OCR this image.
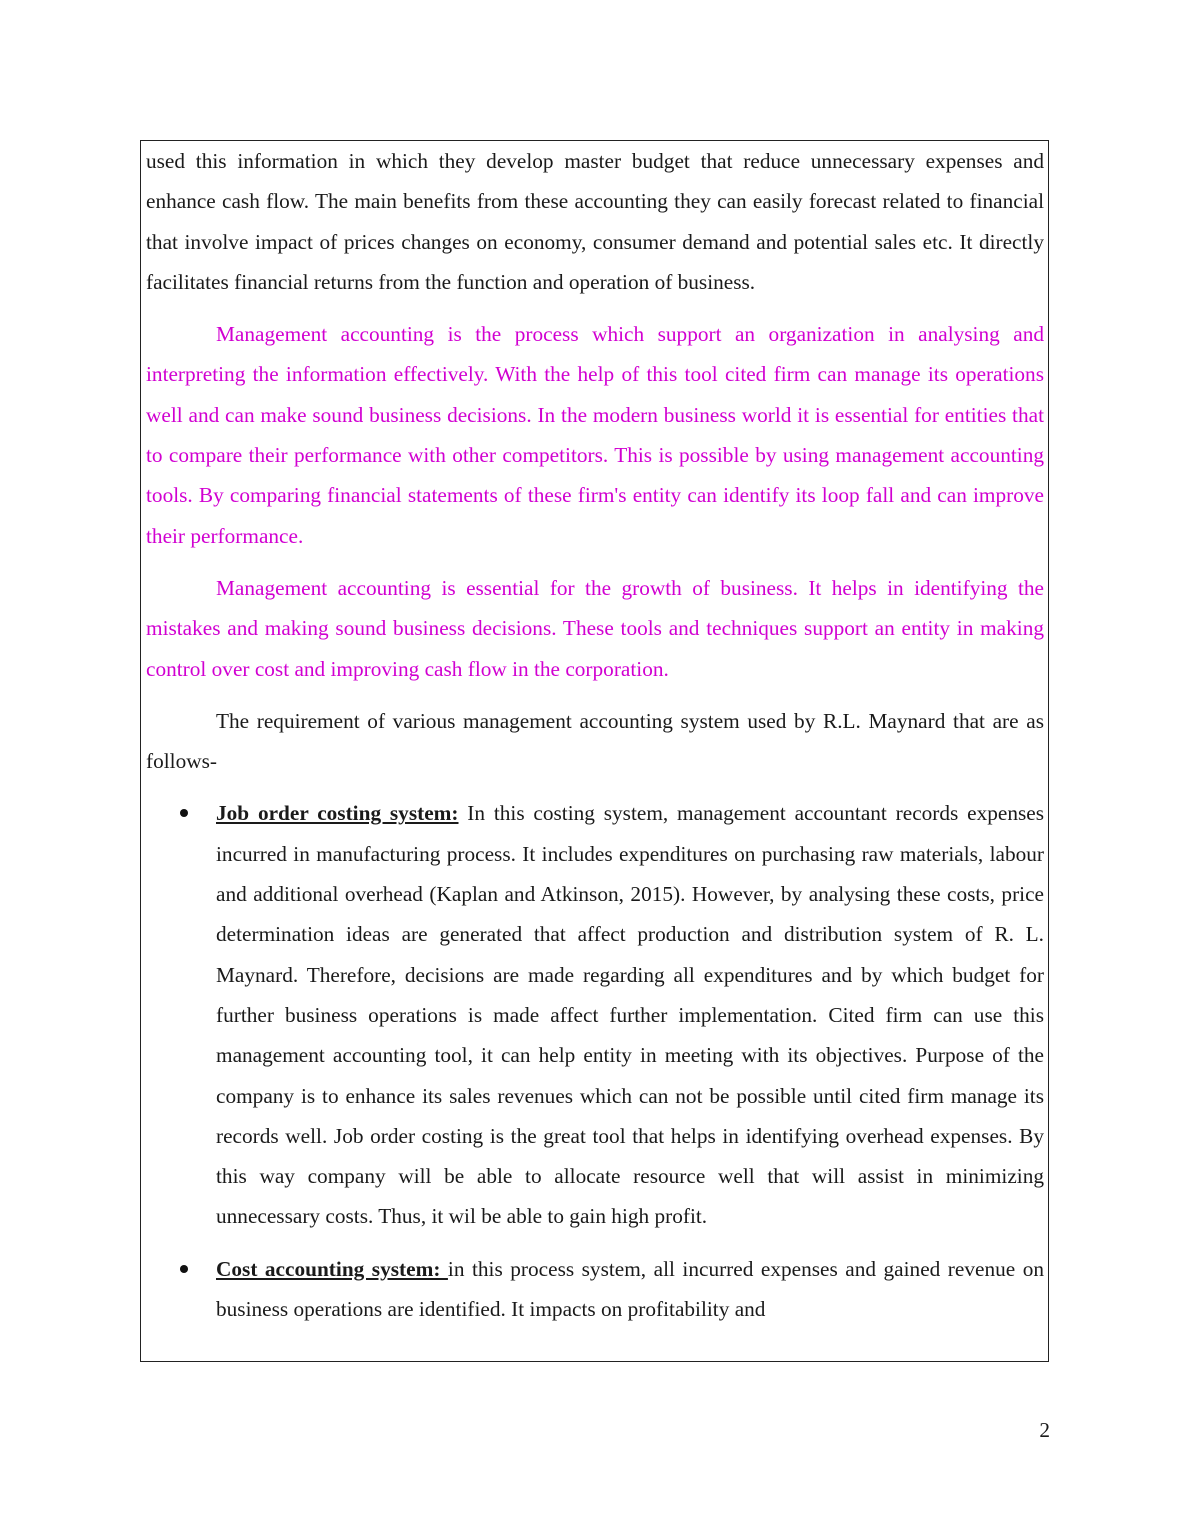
used this information in which they develop master budget that reduce unnecessary expenses and enhance cash flow. The main benefits from these accounting they can easily forecast related to financial that involve impact of prices changes on economy, consumer demand and potential sales etc. It directly facilitates financial returns from the function and operation of business.

Management accounting is the process which support an organization in analysing and interpreting the information effectively. With the help of this tool cited firm can manage its operations well and can make sound business decisions. In the modern business world it is essential for entities that to compare their performance with other competitors. This is possible by using management accounting tools. By comparing financial statements of these firm's entity can identify its loop fall and can improve their performance.

Management accounting is essential for the growth of business. It helps in identifying the mistakes and making sound business decisions. These tools and techniques support an entity in making control over cost and improving cash flow in the corporation.

The requirement of various management accounting system used by R.L. Maynard that are as follows-

Job order costing system: In this costing system, management accountant records expenses incurred in manufacturing process. It includes expenditures on purchasing raw materials, labour and additional overhead (Kaplan and Atkinson, 2015). However, by analysing these costs, price determination ideas are generated that affect production and distribution system of R. L. Maynard. Therefore, decisions are made regarding all expenditures and by which budget for further business operations is made affect further implementation. Cited firm can use this management accounting tool, it can help entity in meeting with its objectives. Purpose of the company is to enhance its sales revenues which can not be possible until cited firm manage its records well. Job order costing is the great tool that helps in identifying overhead expenses. By this way company will be able to allocate resource well that will assist in minimizing unnecessary costs. Thus, it wil be able to gain high profit.
Cost accounting system: in this process system, all incurred expenses and gained revenue on business operations are identified. It impacts on profitability and
2
